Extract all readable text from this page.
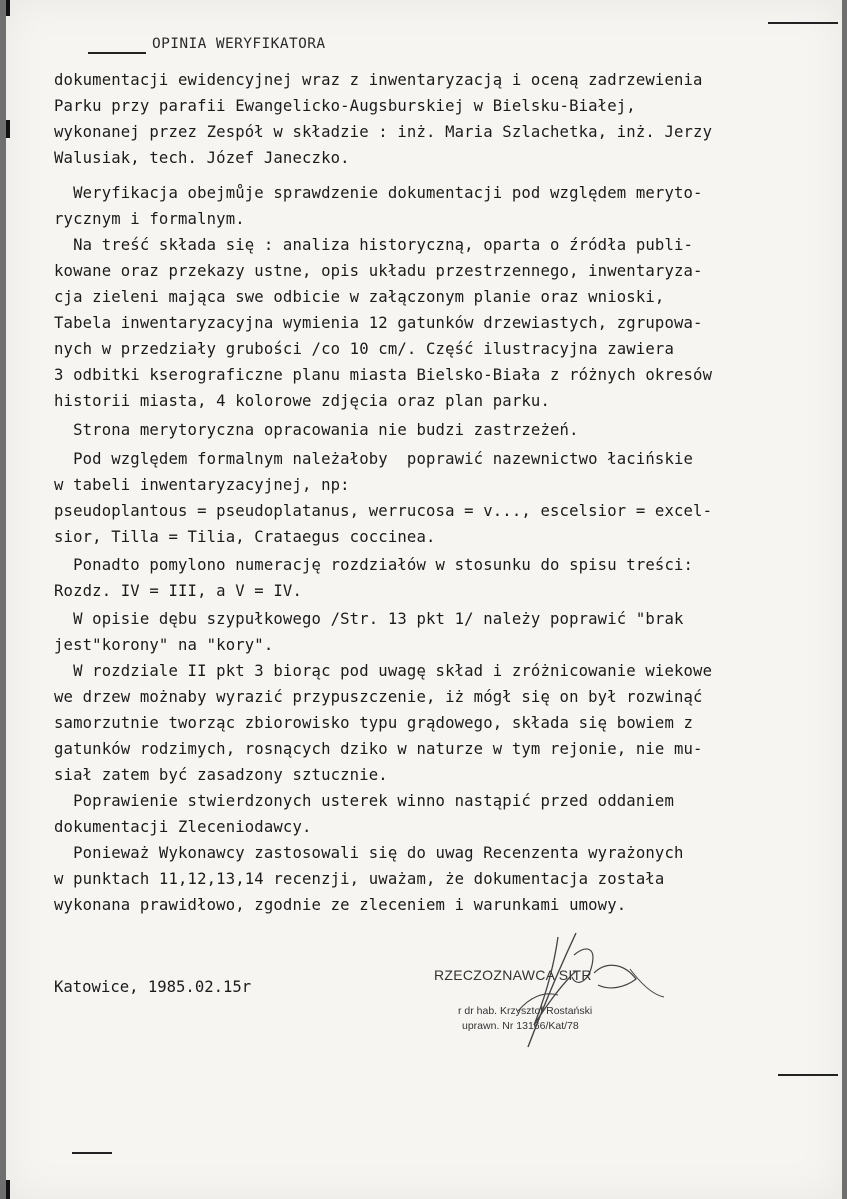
OPINIA WERYFIKATORA
dokumentacji ewidencyjnej wraz z inwentaryzacją i oceną zadrzewienia
Parku przy parafii Ewangelicko-Augsburskiej w Bielsku-Białej,
wykonanej przez Zespół w składzie : inż. Maria Szlachetka, inż. Jerzy
Walusiak, tech. Józef Janeczko.
Weryfikacja obejmůje sprawdzenie dokumentacji pod względem meryto-
rycznym i formalnym.
Na treść składa się : analiza historyczną, oparta o źródła publi-
kowane oraz przekazy ustne, opis układu przestrzennego, inwentaryza-
cja zieleni mająca swe odbicie w załączonym planie oraz wnioski,
Tabela inwentaryzacyjna wymienia 12 gatunków drzewiastych, zgrupowa-
nych w przedziały grubości /co 10 cm/. Część ilustracyjna zawiera
3 odbitki kserograficzne planu miasta Bielsko-Biała z różnych okresów
historii miasta, 4 kolorowe zdjęcia oraz plan parku.
Strona merytoryczna opracowania nie budzi zastrzeżeń.
Pod względem formalnym należałoby  poprawić nazewnictwo łacińskie
w tabeli inwentaryzacyjnej, np:
pseudoplantous = pseudoplatanus, werrucosa = v..., escelsior = excel-
sior, Tilla = Tilia, Crataegus coccinea.
Ponadto pomylono numerację rozdziałów w stosunku do spisu treści:
Rozdz. IV = III, a V = IV.
W opisie dębu szypułkowego /Str. 13 pkt 1/ należy poprawić "brak
jest"korony" na "kory".
W rozdziale II pkt 3 biorąc pod uwagę skład i zróżnicowanie wiekowe
we drzew możnaby wyrazić przypuszczenie, iż mógł się on był rozwinąć
samorzutnie tworząc zbiorowisko typu grądowego, składa się bowiem z
gatunków rodzimych, rosnących dziko w naturze w tym rejonie, nie mu-
siał zatem być zasadzony sztucznie.
Poprawienie stwierdzonych usterek winno nastąpić przed oddaniem
dokumentacji Zleceniodawcy.
Ponieważ Wykonawcy zastosowali się do uwag Recenzenta wyrażonych
w punktach 11,12,13,14 recenzji, uważam, że dokumentacja została
wykonana prawidłowo, zgodnie ze zleceniem i warunkami umowy.
Katowice, 1985.02.15r
RZECZOZNAWCA SITR
r dr hab. Krzysztof Rostański
uprawn. Nr 13166/Kat/78
